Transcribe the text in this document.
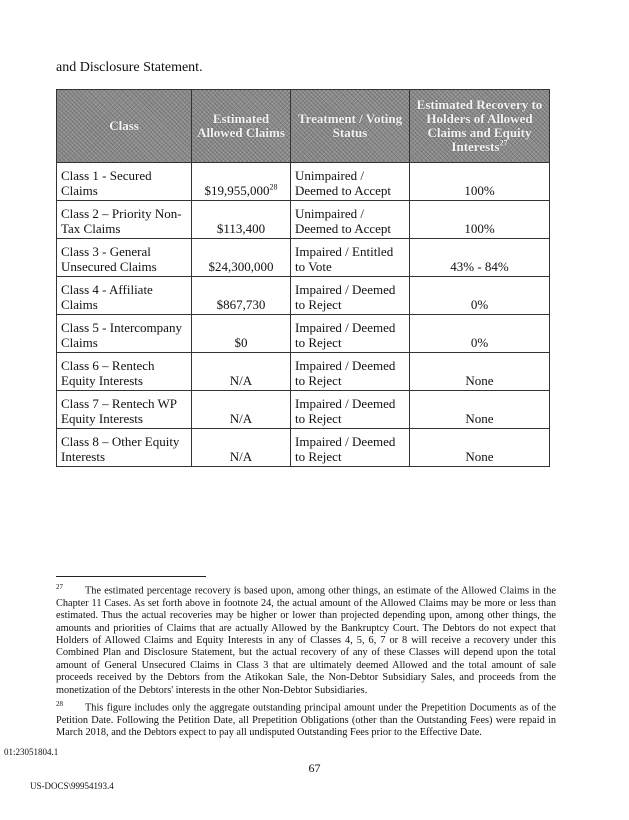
and Disclosure Statement.
Class	Estimated Allowed Claims	Treatment / Voting Status	Estimated Recovery to Holders of Allowed Claims and Equity Interests$^{27}$
Class 1 - Secured Claims	$19,955,000$^{28}$	Unimpaired / Deemed to Accept	100%
Class 2 – Priority Non-Tax Claims	$113,400	Unimpaired / Deemed to Accept	100%
Class 3 - General Unsecured Claims	$24,300,000	Impaired / Entitled to Vote	43% - 84%
Class 4 - Affiliate Claims	$867,730	Impaired / Deemed to Reject	0%
Class 5 - Intercompany Claims	$0	Impaired / Deemed to Reject	0%
Class 6 – Rentech Equity Interests	N/A	Impaired / Deemed to Reject	None
Class 7 – Rentech WP Equity Interests	N/A	Impaired / Deemed to Reject	None
Class 8 – Other Equity Interests	N/A	Impaired / Deemed to Reject	None
$^{27}$ The estimated percentage recovery is based upon, among other things, an estimate of the Allowed Claims in the Chapter 11 Cases. As set forth above in footnote 24, the actual amount of the Allowed Claims may be more or less than estimated. Thus the actual recoveries may be higher or lower than projected depending upon, among other things, the amounts and priorities of Claims that are actually Allowed by the Bankruptcy Court. The Debtors do not expect that Holders of Allowed Claims and Equity Interests in any of Classes 4, 5, 6, 7 or 8 will receive a recovery under this Combined Plan and Disclosure Statement, but the actual recovery of any of these Classes will depend upon the total amount of General Unsecured Claims in Class 3 that are ultimately deemed Allowed and the total amount of sale proceeds received by the Debtors from the Atikokan Sale, the Non-Debtor Subsidiary Sales, and proceeds from the monetization of the Debtors' interests in the other Non-Debtor Subsidiaries.
$^{28}$ This figure includes only the aggregate outstanding principal amount under the Prepetition Documents as of the Petition Date. Following the Petition Date, all Prepetition Obligations (other than the Outstanding Fees) were repaid in March 2018, and the Debtors expect to pay all undisputed Outstanding Fees prior to the Effective Date.
01:23051804.1
67
US-DOCS\99954193.4
